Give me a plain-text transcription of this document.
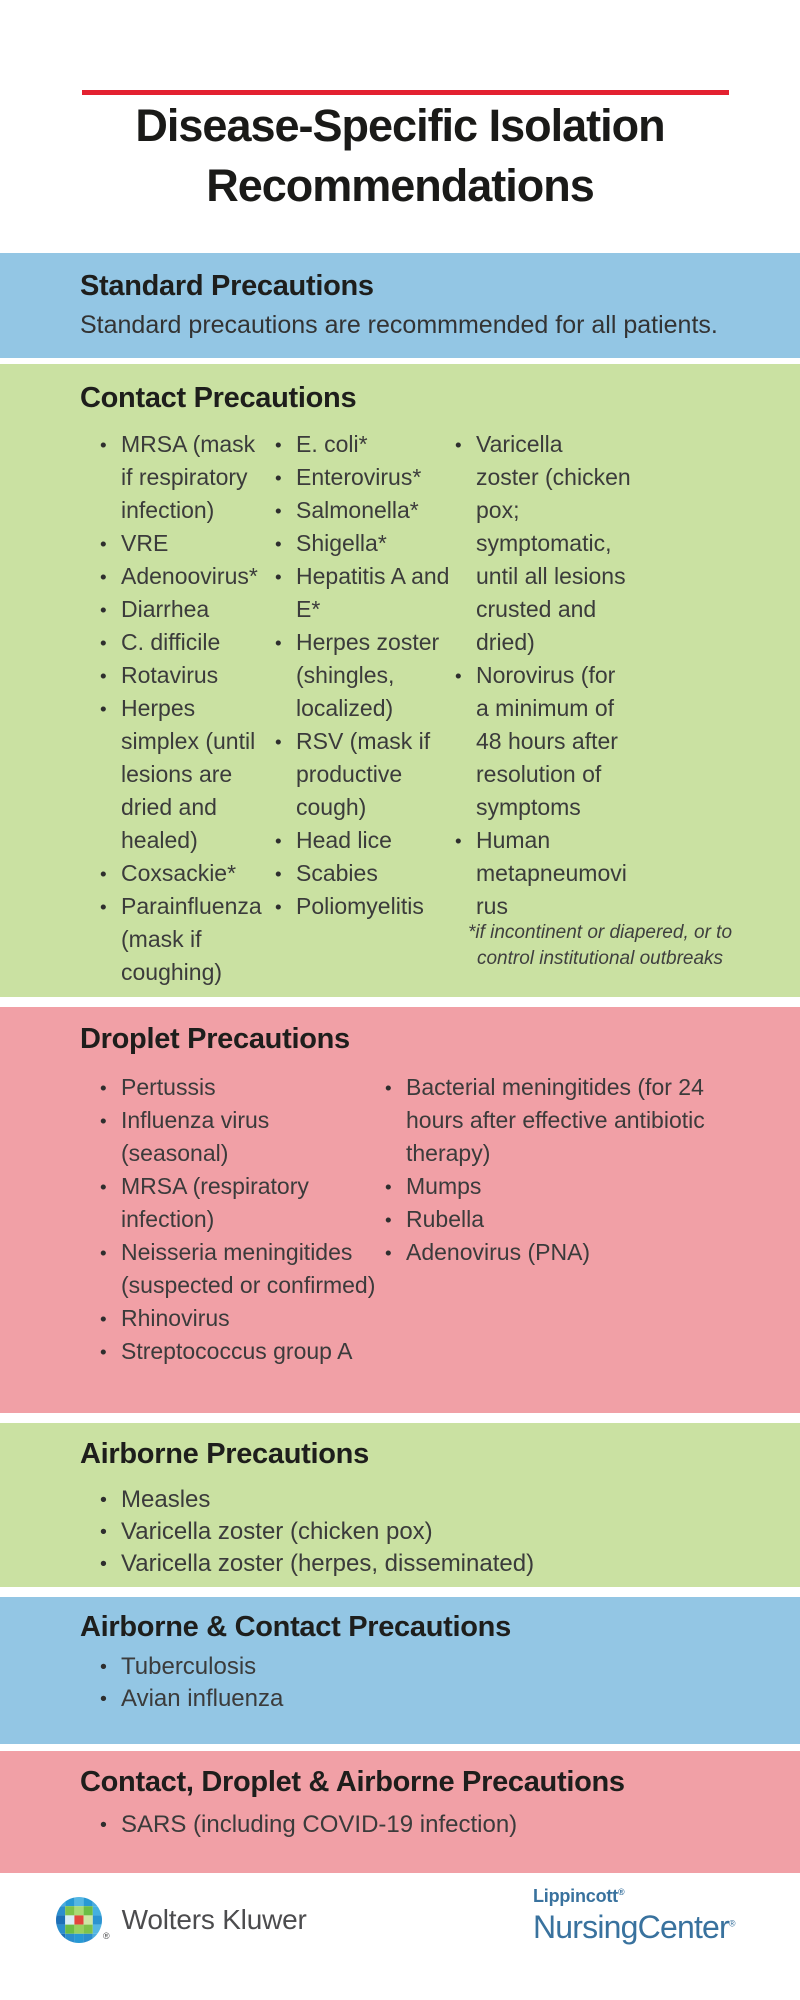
Disease-Specific Isolation Recommendations
Standard Precautions

Standard precautions are recommmended for all patients.

Contact Precautions
• MRSA (mask if respiratory infection)
• VRE
• Adenoovirus*
• Diarrhea
• C. difficile
• Rotavirus
• Herpes simplex (until lesions are dried and healed)
• Coxsackie*
• Parainfluenza (mask if coughing)
• E. coli*
• Enterovirus*
• Salmonella*
• Shigella*
• Hepatitis A and E*
• Herpes zoster (shingles, localized)
• RSV (mask if productive cough)
• Head lice
• Scabies
• Poliomyelitis
• Varicella zoster (chicken pox; symptomatic, until all lesions crusted and dried)
• Norovirus (for a minimum of 48 hours after resolution of symptoms
• Human metapneumovirus

*if incontinent or diapered, or to control institutional outbreaks

Droplet Precautions
• Pertussis
• Influenza virus (seasonal)
• MRSA (respiratory infection)
• Neisseria meningitides (suspected or confirmed)
• Rhinovirus
• Streptococcus group A
• Bacterial meningitides (for 24 hours after effective antibiotic therapy)
• Mumps
• Rubella
• Adenovirus (PNA)
Airborne Precautions
• Measles
• Varicella zoster (chicken pox)
• Varicella zoster (herpes, disseminated)
Airborne & Contact Precautions
• Tuberculosis
• Avian influenza
Contact, Droplet & Airborne Precautions
• SARS (including COVID-19 infection)
®
Wolters Kluwer
Lippincott®
NursingCenter®
